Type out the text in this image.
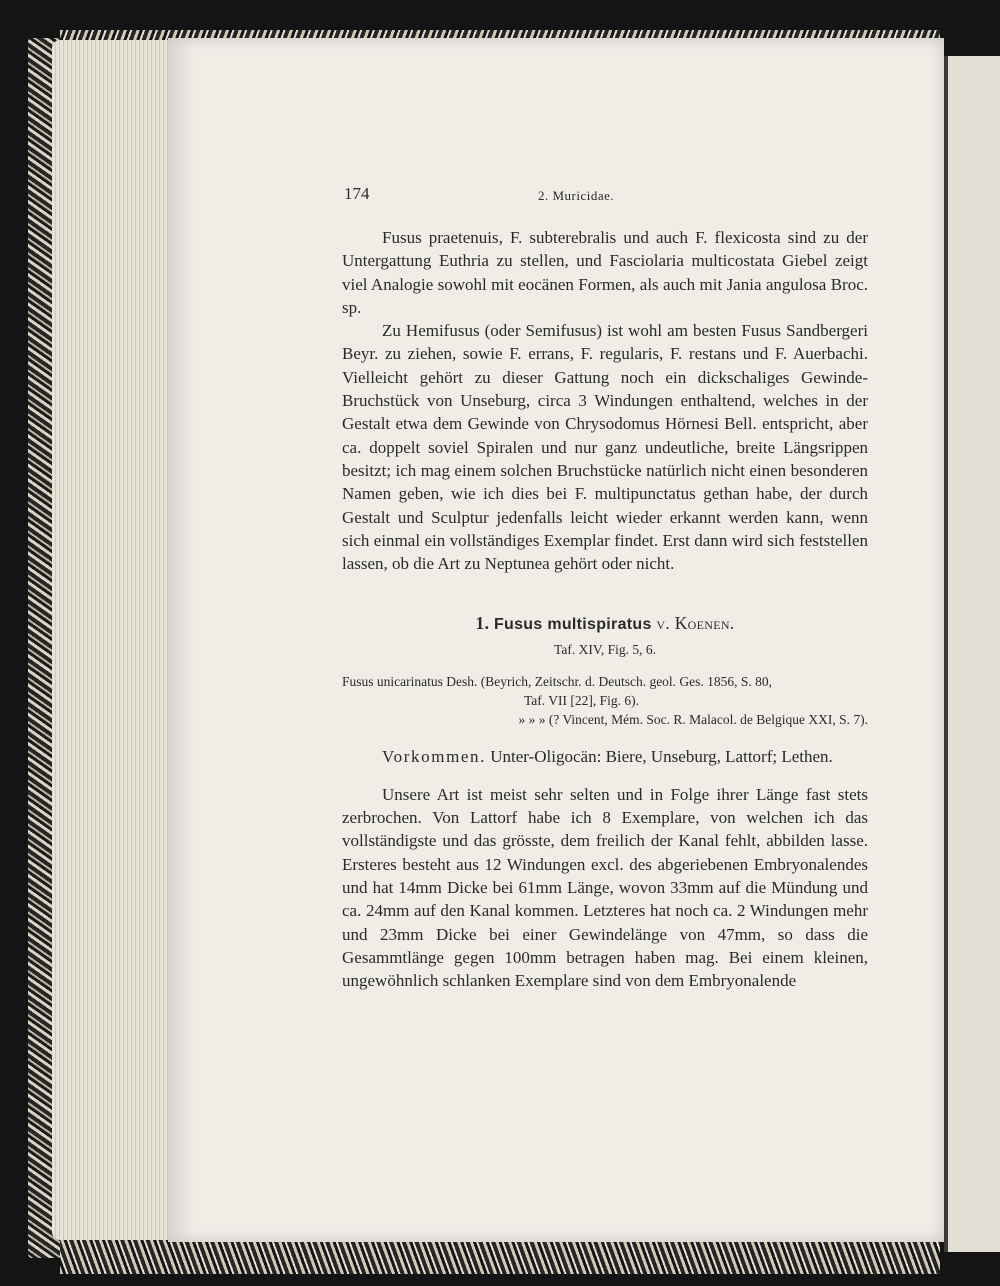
174	2. Muricidae.

Fusus praetenuis, F. subterebralis und auch F. flexicosta sind zu der Untergattung Euthria zu stellen, und Fasciolaria multicostata Giebel zeigt viel Analogie sowohl mit eocänen Formen, als auch mit Jania angulosa Broc. sp.

Zu Hemifusus (oder Semifusus) ist wohl am besten Fusus Sandbergeri Beyr. zu ziehen, sowie F. errans, F. regularis, F. restans und F. Auerbachi. Vielleicht gehört zu dieser Gattung noch ein dickschaliges Gewinde-Bruchstück von Unseburg, circa 3 Windungen enthaltend, welches in der Gestalt etwa dem Gewinde von Chrysodomus Hörnesi Bell. entspricht, aber ca. doppelt soviel Spiralen und nur ganz undeutliche, breite Längsrippen besitzt; ich mag einem solchen Bruchstücke natürlich nicht einen besonderen Namen geben, wie ich dies bei F. multipunctatus gethan habe, der durch Gestalt und Sculptur jedenfalls leicht wieder erkannt werden kann, wenn sich einmal ein vollständiges Exemplar findet. Erst dann wird sich feststellen lassen, ob die Art zu Neptunea gehört oder nicht.

1. Fusus multispiratus v. Koenen.
Taf. XIV, Fig. 5, 6.
Fusus unicarinatus Desh. (Beyrich, Zeitschr. d. Deutsch. geol. Ges. 1856, S. 80,
Taf. VII [22], Fig. 6).
» » » (? Vincent, Mém. Soc. R. Malacol. de Belgique XXI, S. 7).

Vorkommen. Unter-Oligocän: Biere, Unseburg, Lattorf; Lethen.

Unsere Art ist meist sehr selten und in Folge ihrer Länge fast stets zerbrochen. Von Lattorf habe ich 8 Exemplare, von welchen ich das vollständigste und das grösste, dem freilich der Kanal fehlt, abbilden lasse. Ersteres besteht aus 12 Windungen excl. des abgeriebenen Embryonalendes und hat 14mm Dicke bei 61mm Länge, wovon 33mm auf die Mündung und ca. 24mm auf den Kanal kommen. Letzteres hat noch ca. 2 Windungen mehr und 23mm Dicke bei einer Gewindelänge von 47mm, so dass die Gesammtlänge gegen 100mm betragen haben mag. Bei einem kleinen, ungewöhnlich schlanken Exemplare sind von dem Embryonalende
